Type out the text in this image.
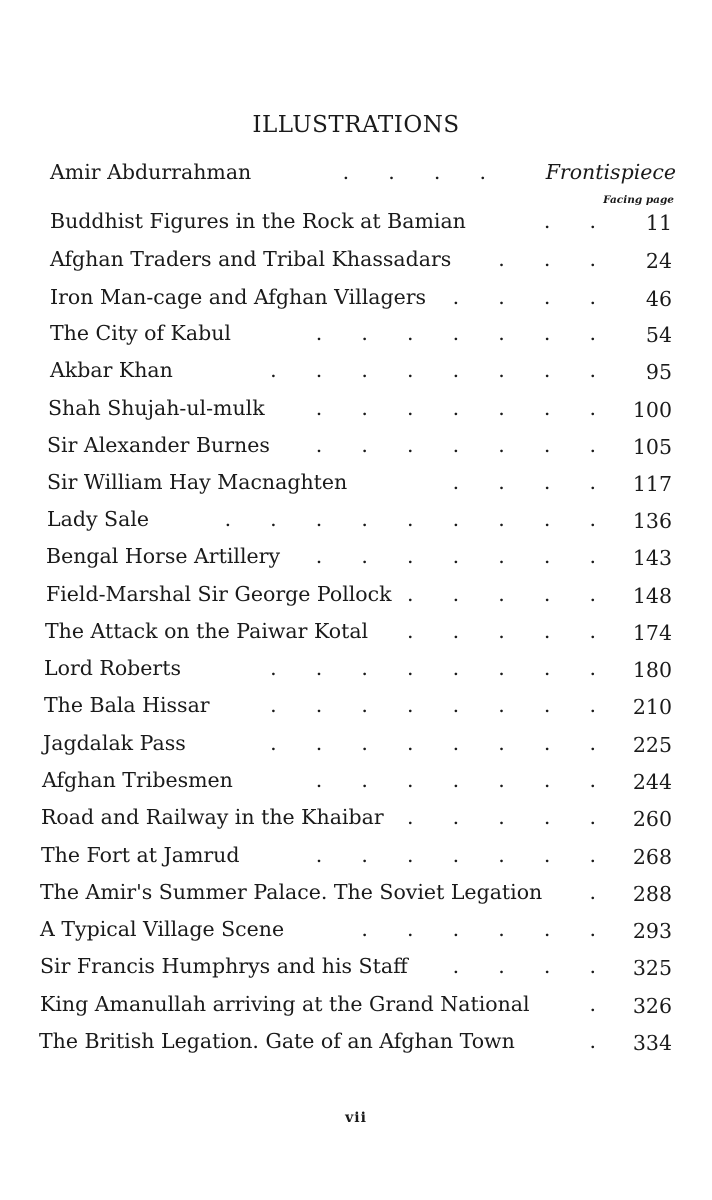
ILLUSTRATIONS
Facing page
Amir Abdurrahman	.      .      .      .	Frontispiece
Buddhist Figures in the Rock at Bamian	.      . 11
Afghan Traders and Tribal Khassadars .      .      . 24
Iron Man-cage and Afghan Villagers .      .      .      . 46
The City of Kabul	.      .      .      .      .      .      . 54
Akbar Khan	.      .      .      .      .      .      .      . 95
Shah Shujah-ul-mulk .      .      .      .      .      .      . 100
Sir Alexander Burnes .      .      .      .      .      .      . 105
Sir William Hay Macnaghten	.      .      .      . 117
Lady Sale	.      .      .      .      .      .      .      .      . 136
Bengal Horse Artillery .      .      .      .      .      .      . 143
Field-Marshal Sir George Pollock .      .      .      .      . 148
The Attack on the Paiwar Kotal .      .      .      .      . 174
Lord Roberts	.      .      .      .      .      .      .      . 180
The Bala Hissar	.      .      .      .      .      .      .      . 210
Jagdalak Pass	.      .      .      .      .      .      .      . 225
Afghan Tribesmen	.      .      .      .      .      .      . 244
Road and Railway in the Khaibar .      .      .      .      . 260
The Fort at Jamrud	.      .      .      .      .      .      . 268
The Amir's Summer Palace. The Soviet Legation . 288
A Typical Village Scene	.      .      .      .      .      . 293
Sir Francis Humphrys and his Staff .      .      .      . 325
King Amanullah arriving at the Grand National	. 326
The British Legation. Gate of an Afghan Town	. 334
vii
